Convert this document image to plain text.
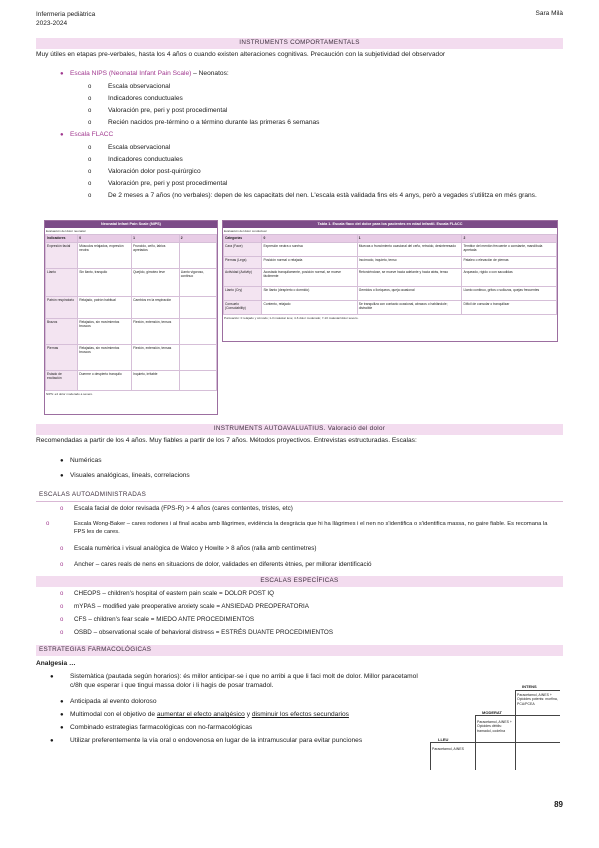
Infermeria pediàtrica
2023-2024
Sara Milà
INSTRUMENTS COMPORTAMENTALS
Muy útiles en etapas pre-verbales, hasta los 4 años o cuando existen alteraciones cognitivas. Precaución con la subjetividad del observador
● Escala NIPS (Neonatal Infant Pain Scale) – Neonatos:
o	Escala observacional
o	Indicadores conductuales
o	Valoración pre, peri y post procedimental
o	Recién nacidos pre-término o a término durante las primeras 6 semanas
● Escala FLACC
o	Escala observacional
o	Indicadores conductuales
o	Valoración dolor post-quirúrgico
o	Valoración pre, peri y post procedimental
o	De 2 meses a 7 años (no verbales): depen de les capacitats del nen. L'escala està validada fins els 4 anys, però a vegades s'utilitza en més grans.
Neonatal Infant Pain Scale (NIPS)
Evaluación del dolor neonatal
Indicadores	0	1	2
Expresión facial	Músculos relajados, expresión neutra	Fruncido, ceño, labios apretados	
Llanto	Sin llanto, tranquilo	Quejido, gimoteo leve	Llanto vigoroso, continuo
Patrón respiratorio	Relajado, patrón habitual	Cambios en la respiración	
Brazos	Relajados, sin movimientos bruscos	Flexión, extensión, tensos	
Piernas	Relajadas, sin movimientos bruscos	Flexión, extensión, tensas	
Estado de excitación	Duerme o despierto tranquilo	Inquieto, irritable	
NIPS: ≥4 dolor moderado a severo.
Tabla 1. Escala flacc del dolor para los pacientes en edad infantil. Escala FLACC
Evaluación del dolor conductual
Categorías	0	1	2
Cara (Face)	Expresión neutra o sonrisa	Muecas o fruncimiento ocasional del ceño, retraído, desinteresado	Temblor del mentón frecuente o constante, mandíbula apretada
Piernas (Legs)	Posición normal o relajada	Incómodo, inquieto, tenso	Pataleo o elevación de piernas
Actividad (Activity)	Acostado tranquilamente, posición normal, se mueve fácilmente	Retorciéndose, se mueve hacia adelante y hacia atrás, tenso	Arqueado, rígido o con sacudidas
Llanto (Cry)	Sin llanto (despierto o dormido)	Gemidos o lloriqueos, queja ocasional	Llanto continuo, gritos o sollozos, quejas frecuentes
Consuelo (Consolability)	Contento, relajado	Se tranquiliza con contacto ocasional, abrazos o hablándole; distraíble	Difícil de consolar o tranquilizar
Puntuación: 0 relajado y cómodo; 1-3 malestar leve; 4-6 dolor moderado; 7-10 malestar/dolor severo.
INSTRUMENTS AUTOAVALUATIUS. Valoració del dolor
Recomendadas a partir de los 4 años. Muy fiables a partir de los 7 años. Métodos proyectivos. Entrevistas estructuradas. Escalas:
● Numéricas
● Visuales analógicas, lineals, correlacions
ESCALAS AUTOADMINISTRADAS
o Escala facial de dolor revisada (FPS-R) > 4 años (cares contentes, tristes, etc)
o	Escala Wong-Baker – cares rodones i al final acaba amb llàgrimes, evidència la desgràcia que hi ha llàgrimes i el nen no s'identifica o s'identifica massa, no gaire fiable. Es recomana la FPS les de cares.
o Escala numèrica i visual analògica de Walco y Howite > 8 años (ralla amb centímetres)
o Ancher – cares reals de nens en situacions de dolor, validades en diferents ètnies, per millorar identificació
ESCALAS ESPECÍFICAS
o CHEOPS – children's hospital of eastern pain scale = DOLOR POST IQ
o mYPAS – modified yale preoperative anxiety scale = ANSIEDAD PREOPERATORIA
o CFS – children's fear scale = MIEDO ANTE PROCEDIMIENTOS
o OSBD – observational scale of behavioral distress = ESTRÉS DUANTE PROCEDIMIENTOS
ESTRATEGIAS FARMACOLÓGICAS
Analgesia …
● Sistemàtica (pautada según horarios): és millor anticipar-se i que no arribi a que li faci molt de dolor. Millor paracetamol c/8h que esperar i que tingui massa dolor i li hagis de posar tramadol.
● Anticipada al evento doloroso
● Multimodal con el objetivo de aumentar el efecto analgésico y disminuir los efectos secundarios
● Combinado estrategias farmacológicas con no-farmacológicas
● Utilizar preferentemente la vía oral o endovenosa en lugar de la intramuscular para evitar punciones	LLEU
Paracetamol, AINES
MODERAT
Paracetamol, AINES + Opioides dèbils: tramadol, codeïna
INTENS
Paracetamol, AINES + Opioides potents: morfina, PCA/PCEA
89
